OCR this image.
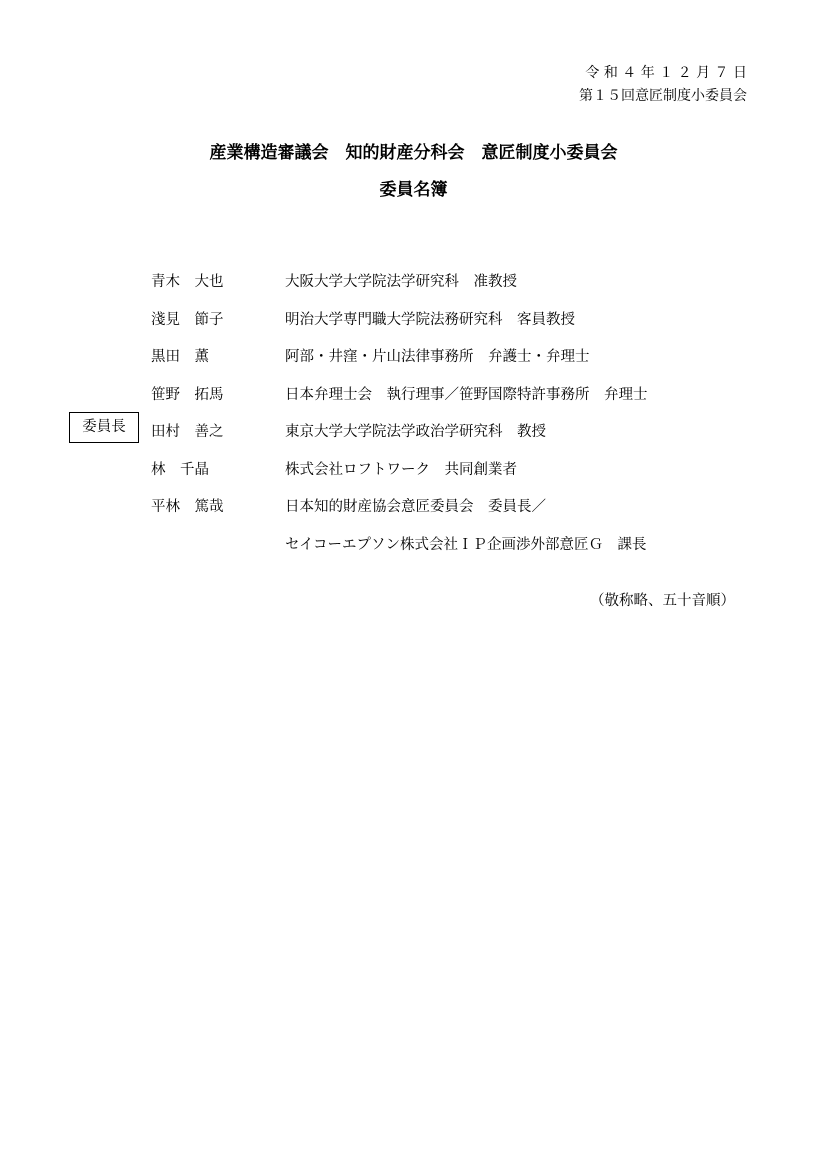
令 和 ４ 年 １ ２ 月 ７ 日
第１５回意匠制度小委員会
産業構造審議会　知的財産分科会　意匠制度小委員会
委員名簿
青木　大也	大阪大学大学院法学研究科　准教授
淺見　節子	明治大学専門職大学院法務研究科　客員教授
黒田　薫	阿部・井窪・片山法律事務所　弁護士・弁理士
笹野　拓馬	日本弁理士会　執行理事／笹野国際特許事務所　弁理士
委員長	田村　善之	東京大学大学院法学政治学研究科　教授
林　千晶	株式会社ロフトワーク　共同創業者
平林　篤哉	日本知的財産協会意匠委員会　委員長／
セイコーエプソン株式会社ＩＰ企画渉外部意匠Ｇ　課長
（敬称略、五十音順）
